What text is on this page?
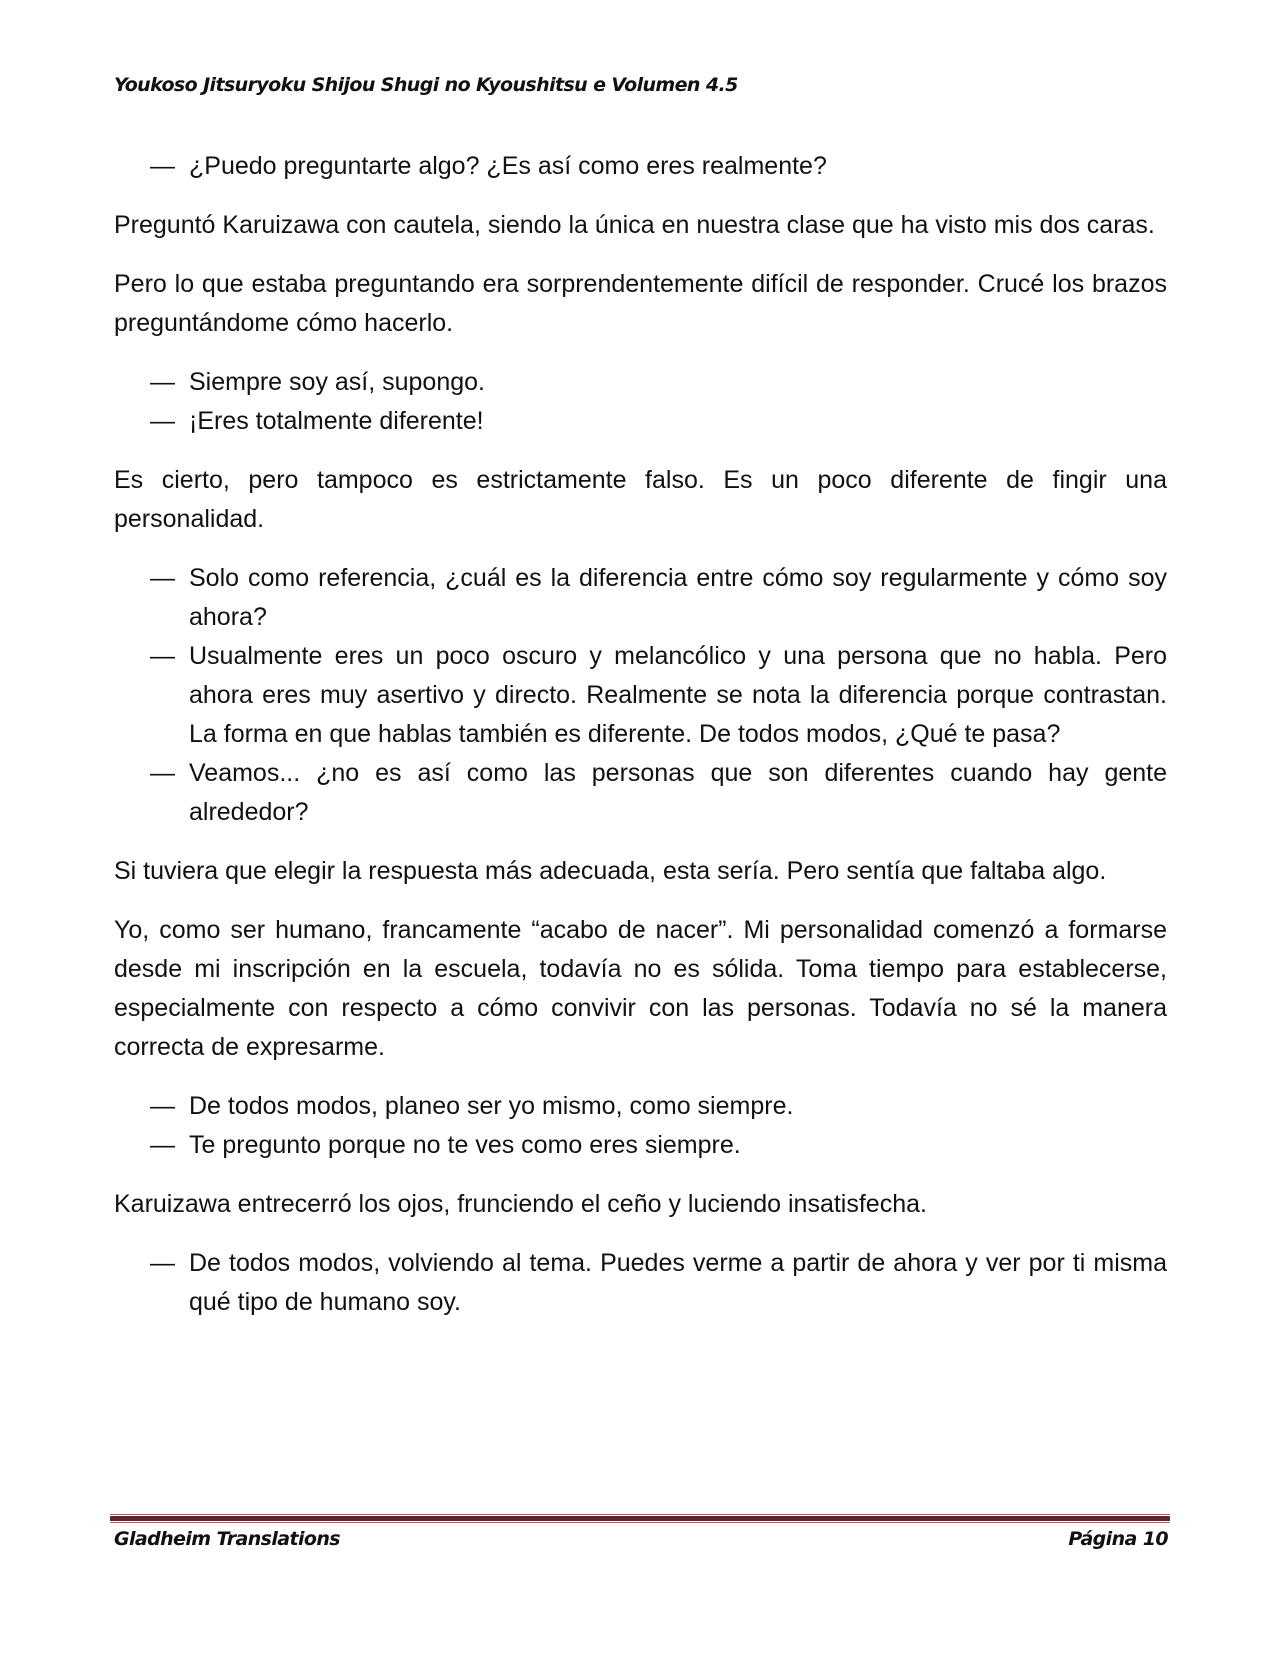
Youkoso Jitsuryoku Shijou Shugi no Kyoushitsu e Volumen 4.5

— ¿Puedo preguntarte algo? ¿Es así como eres realmente?

Preguntó Karuizawa con cautela, siendo la única en nuestra clase que ha visto mis dos caras.

Pero lo que estaba preguntando era sorprendentemente difícil de responder. Crucé los brazos preguntándome cómo hacerlo.

— Siempre soy así, supongo.

— ¡Eres totalmente diferente!

Es cierto, pero tampoco es estrictamente falso. Es un poco diferente de fingir una personalidad.

— Solo como referencia, ¿cuál es la diferencia entre cómo soy regularmente y cómo soy ahora?

— Usualmente eres un poco oscuro y melancólico y una persona que no habla. Pero ahora eres muy asertivo y directo. Realmente se nota la diferencia porque contrastan. La forma en que hablas también es diferente. De todos modos, ¿Qué te pasa?

— Veamos... ¿no es así como las personas que son diferentes cuando hay gente alrededor?

Si tuviera que elegir la respuesta más adecuada, esta sería. Pero sentía que faltaba algo.

Yo, como ser humano, francamente “acabo de nacer”. Mi personalidad comenzó a formarse desde mi inscripción en la escuela, todavía no es sólida. Toma tiempo para establecerse, especialmente con respecto a cómo convivir con las personas. Todavía no sé la manera correcta de expresarme.

— De todos modos, planeo ser yo mismo, como siempre.

— Te pregunto porque no te ves como eres siempre.

Karuizawa entrecerró los ojos, frunciendo el ceño y luciendo insatisfecha.

— De todos modos, volviendo al tema. Puedes verme a partir de ahora y ver por ti misma qué tipo de humano soy.

Gladheim Translations	Página 10
